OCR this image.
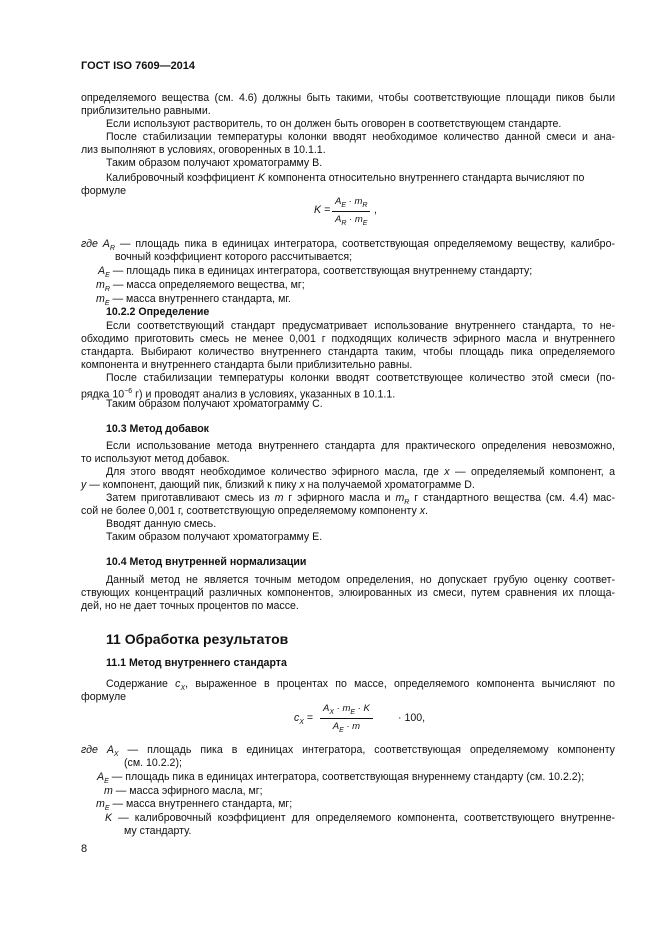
ГОСТ ISO 7609—2014
определяемого вещества (см. 4.6) должны быть такими, чтобы соответствующие площади пиков были
приблизительно равными.
Если используют растворитель, то он должен быть оговорен в соответствующем стандарте.
После стабилизации температуры колонки вводят необходимое количество данной смеси и ана-
лиз выполняют в условиях, оговоренных в 10.1.1.
Таким образом получают хроматограмму B.
Калибровочный коэффициент K компонента относительно внутреннего стандарта вычисляют по
формуле
$K = \frac{A_E \cdot m_R}{A_R \cdot m_E}$ ,
где $A_R$ — площадь пика в единицах интегратора, соответствующая определяемому веществу, калибро-
вочный коэффициент которого рассчитывается;
$A_E$ — площадь пика в единицах интегратора, соответствующая внутреннему стандарту;
$m_R$ — масса определяемого вещества, мг;
$m_E$ — масса внутреннего стандарта, мг.
10.2.2 Определение
Если соответствующий стандарт предусматривает использование внутреннего стандарта, то не-
обходимо приготовить смесь не менее 0,001 г подходящих количеств эфирного масла и внутреннего
стандарта. Выбирают количество внутреннего стандарта таким, чтобы площадь пика определяемого
компонента и внутреннего стандарта были приблизительно равны.
После стабилизации температуры колонки вводят соответствующее количество этой смеси (по-
рядка $10^{-6}$ г) и проводят анализ в условиях, указанных в 10.1.1.
Таким образом получают хроматограмму C.
10.3 Метод добавок
Если использование метода внутреннего стандарта для практического определения невозможно,
то используют метод добавок.
Для этого вводят необходимое количество эфирного масла, где x — определяемый компонент, а
y — компонент, дающий пик, близкий к пику x на получаемой хроматограмме D.
Затем приготавливают смесь из m г эфирного масла и $m_R$ г стандартного вещества (см. 4.4) мас-
сой не более 0,001 г, соответствующую определяемому компоненту x.
Вводят данную смесь.
Таким образом получают хроматограмму E.
10.4 Метод внутренней нормализации
Данный метод не является точным методом определения, но допускает грубую оценку соответ-
ствующих концентраций различных компонентов, элюированных из смеси, путем сравнения их площа-
дей, но не дает точных процентов по массе.
11 Обработка результатов
11.1 Метод внутреннего стандарта
Содержание $c_X$, выраженное в процентах по массе, определяемого компонента вычисляют по
формуле
$c_X = \frac{A_X \cdot m_E \cdot K}{A_E \cdot m} \cdot 100$,
где $A_X$ — площадь пика в единицах интегратора, соответствующая определяемому компоненту
(см. 10.2.2);
$A_E$ — площадь пика в единицах интегратора, соответствующая внуреннему стандарту (см. 10.2.2);
m — масса эфирного масла, мг;
$m_E$ — масса внутреннего стандарта, мг;
K — калибровочный коэффициент для определяемого компонента, соответствующего внутренне-
му стандарту.
8
